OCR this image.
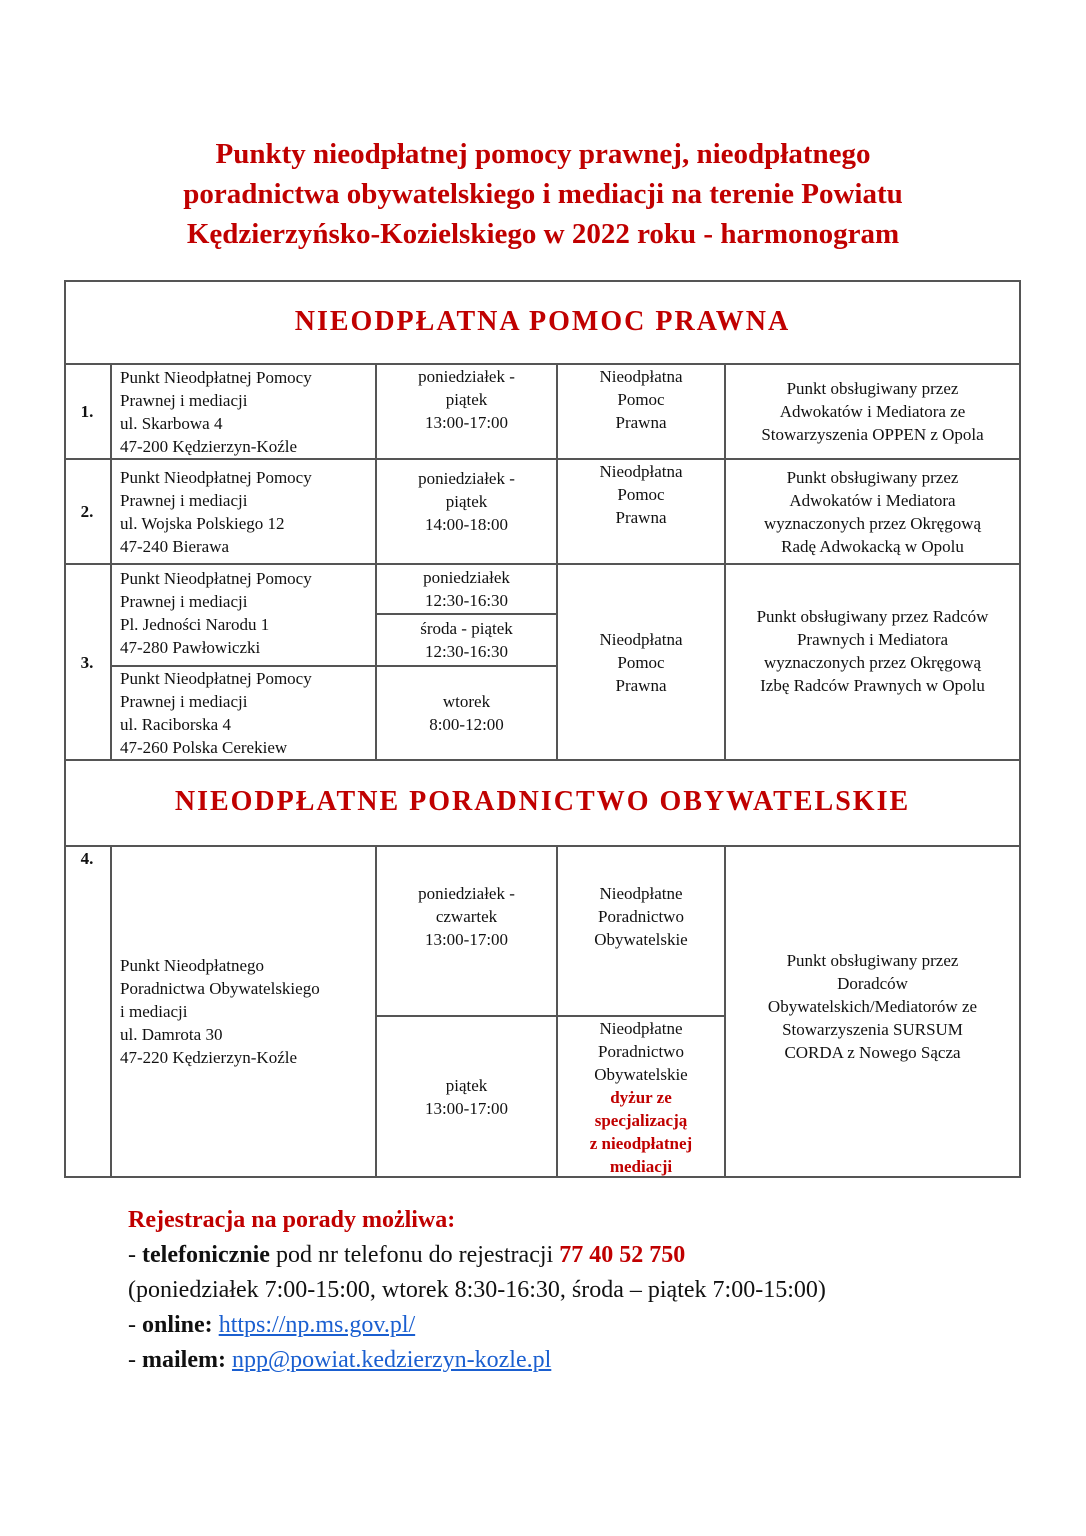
Punkty nieodpłatnej pomocy prawnej, nieodpłatnego
poradnictwa obywatelskiego i mediacji na terenie Powiatu
Kędzierzyńsko-Kozielskiego w 2022 roku - harmonogram
NIEODPŁATNA POMOC PRAWNA
1.
Punkt Nieodpłatnej Pomocy
Prawnej i mediacji
ul. Skarbowa 4
47-200 Kędzierzyn-Koźle
poniedziałek -
piątek
13:00-17:00
Nieodpłatna
Pomoc
Prawna
Punkt obsługiwany przez
Adwokatów i Mediatora ze
Stowarzyszenia OPPEN z Opola
2.
Punkt Nieodpłatnej Pomocy
Prawnej i mediacji
ul. Wojska Polskiego 12
47-240 Bierawa
poniedziałek -
piątek
14:00-18:00
Nieodpłatna
Pomoc
Prawna
Punkt obsługiwany przez
Adwokatów i Mediatora
wyznaczonych przez Okręgową
Radę Adwokacką w Opolu
3.
Punkt Nieodpłatnej Pomocy
Prawnej i mediacji
Pl. Jedności Narodu 1
47-280 Pawłowiczki
Punkt Nieodpłatnej Pomocy
Prawnej i mediacji
ul. Raciborska 4
47-260 Polska Cerekiew
poniedziałek
12:30-16:30
środa - piątek
12:30-16:30
wtorek
8:00-12:00
Nieodpłatna
Pomoc
Prawna
Punkt obsługiwany przez Radców
Prawnych i Mediatora
wyznaczonych przez Okręgową
Izbę Radców Prawnych w Opolu
NIEODPŁATNE PORADNICTWO OBYWATELSKIE
4.
Punkt Nieodpłatnego
Poradnictwa Obywatelskiego
i mediacji
ul. Damrota 30
47-220 Kędzierzyn-Koźle
poniedziałek -
czwartek
13:00-17:00
Nieodpłatne
Poradnictwo
Obywatelskie
piątek
13:00-17:00
Nieodpłatne
Poradnictwo
Obywatelskie
dyżur ze
specjalizacją
z nieodpłatnej
mediacji
Punkt obsługiwany przez
Doradców
Obywatelskich/Mediatorów ze
Stowarzyszenia SURSUM
CORDA z Nowego Sącza
Rejestracja na porady możliwa:
- telefonicznie pod nr telefonu do rejestracji 77 40 52 750
(poniedziałek 7:00-15:00, wtorek 8:30-16:30, środa – piątek 7:00-15:00)
- online: https://np.ms.gov.pl/
- mailem: npp@powiat.kedzierzyn-kozle.pl
